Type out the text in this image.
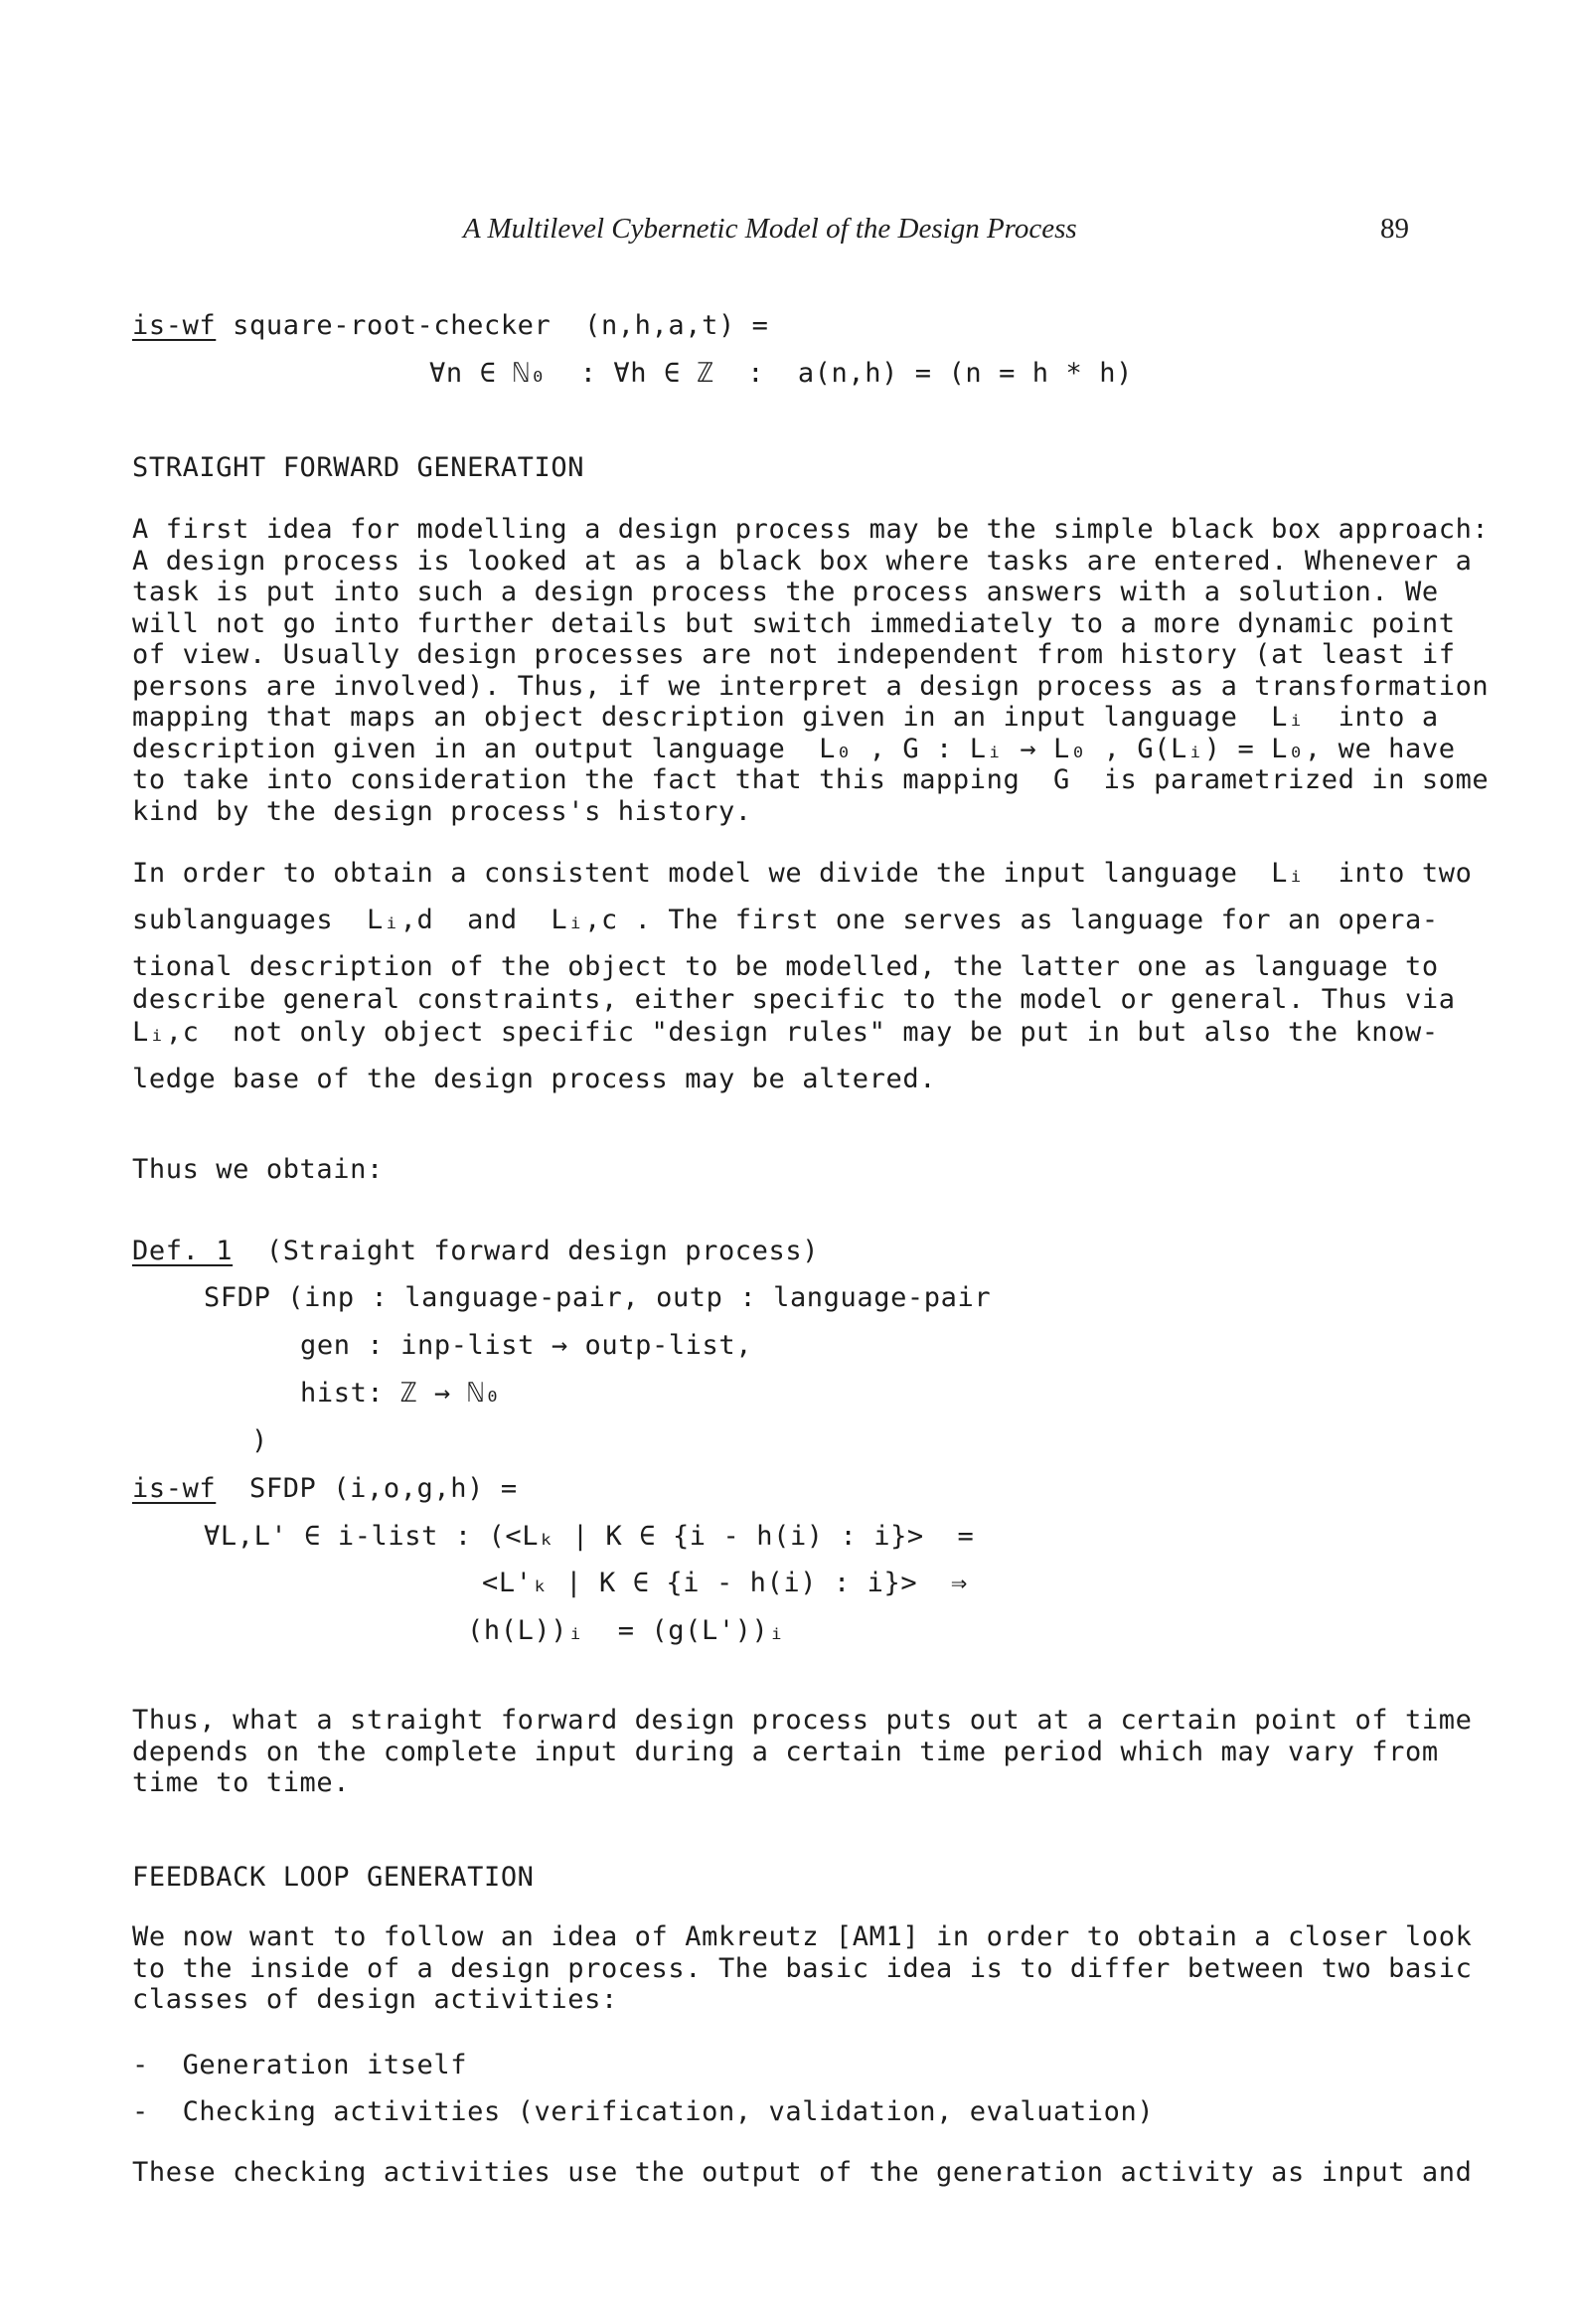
A Multilevel Cybernetic Model of the Design Process	89
is-wf square-root-checker  (n,h,a,t) =
∀n ∈ ℕ₀  : ∀h ∈ ℤ  :  a(n,h) = (n = h * h)
STRAIGHT FORWARD GENERATION
A first idea for modelling a design process may be the simple black box approach:
A design process is looked at as a black box where tasks are entered. Whenever a
task is put into such a design process the process answers with a solution. We
will not go into further details but switch immediately to a more dynamic point
of view. Usually design processes are not independent from history (at least if
persons are involved). Thus, if we interpret a design process as a transformation
mapping that maps an object description given in an input language  Lᵢ  into a
description given in an output language  L₀ , G : Lᵢ → L₀ , G(Lᵢ) = L₀, we have
to take into consideration the fact that this mapping  G  is parametrized in some
kind by the design process's history.
In order to obtain a consistent model we divide the input language  Lᵢ  into two
sublanguages  Lᵢ,d  and  Lᵢ,c . The first one serves as language for an opera-
tional description of the object to be modelled, the latter one as language to
describe general constraints, either specific to the model or general. Thus via
Lᵢ,c  not only object specific "design rules" may be put in but also the know-
ledge base of the design process may be altered.
Thus we obtain:
Def. 1  (Straight forward design process)
SFDP (inp : language-pair, outp : language-pair
gen : inp-list → outp-list,
hist: ℤ → ℕ₀
)
is-wf  SFDP (i,o,g,h) =
∀L,L' ∈ i-list : (<Lₖ | K ∈ {i - h(i) : i}>  =
<L'ₖ | K ∈ {i - h(i) : i}>  ⇒
(h(L))ᵢ  = (g(L'))ᵢ
Thus, what a straight forward design process puts out at a certain point of time
depends on the complete input during a certain time period which may vary from
time to time.
FEEDBACK LOOP GENERATION
We now want to follow an idea of Amkreutz [AM1] in order to obtain a closer look
to the inside of a design process. The basic idea is to differ between two basic
classes of design activities:
-  Generation itself
-  Checking activities (verification, validation, evaluation)
These checking activities use the output of the generation activity as input and
